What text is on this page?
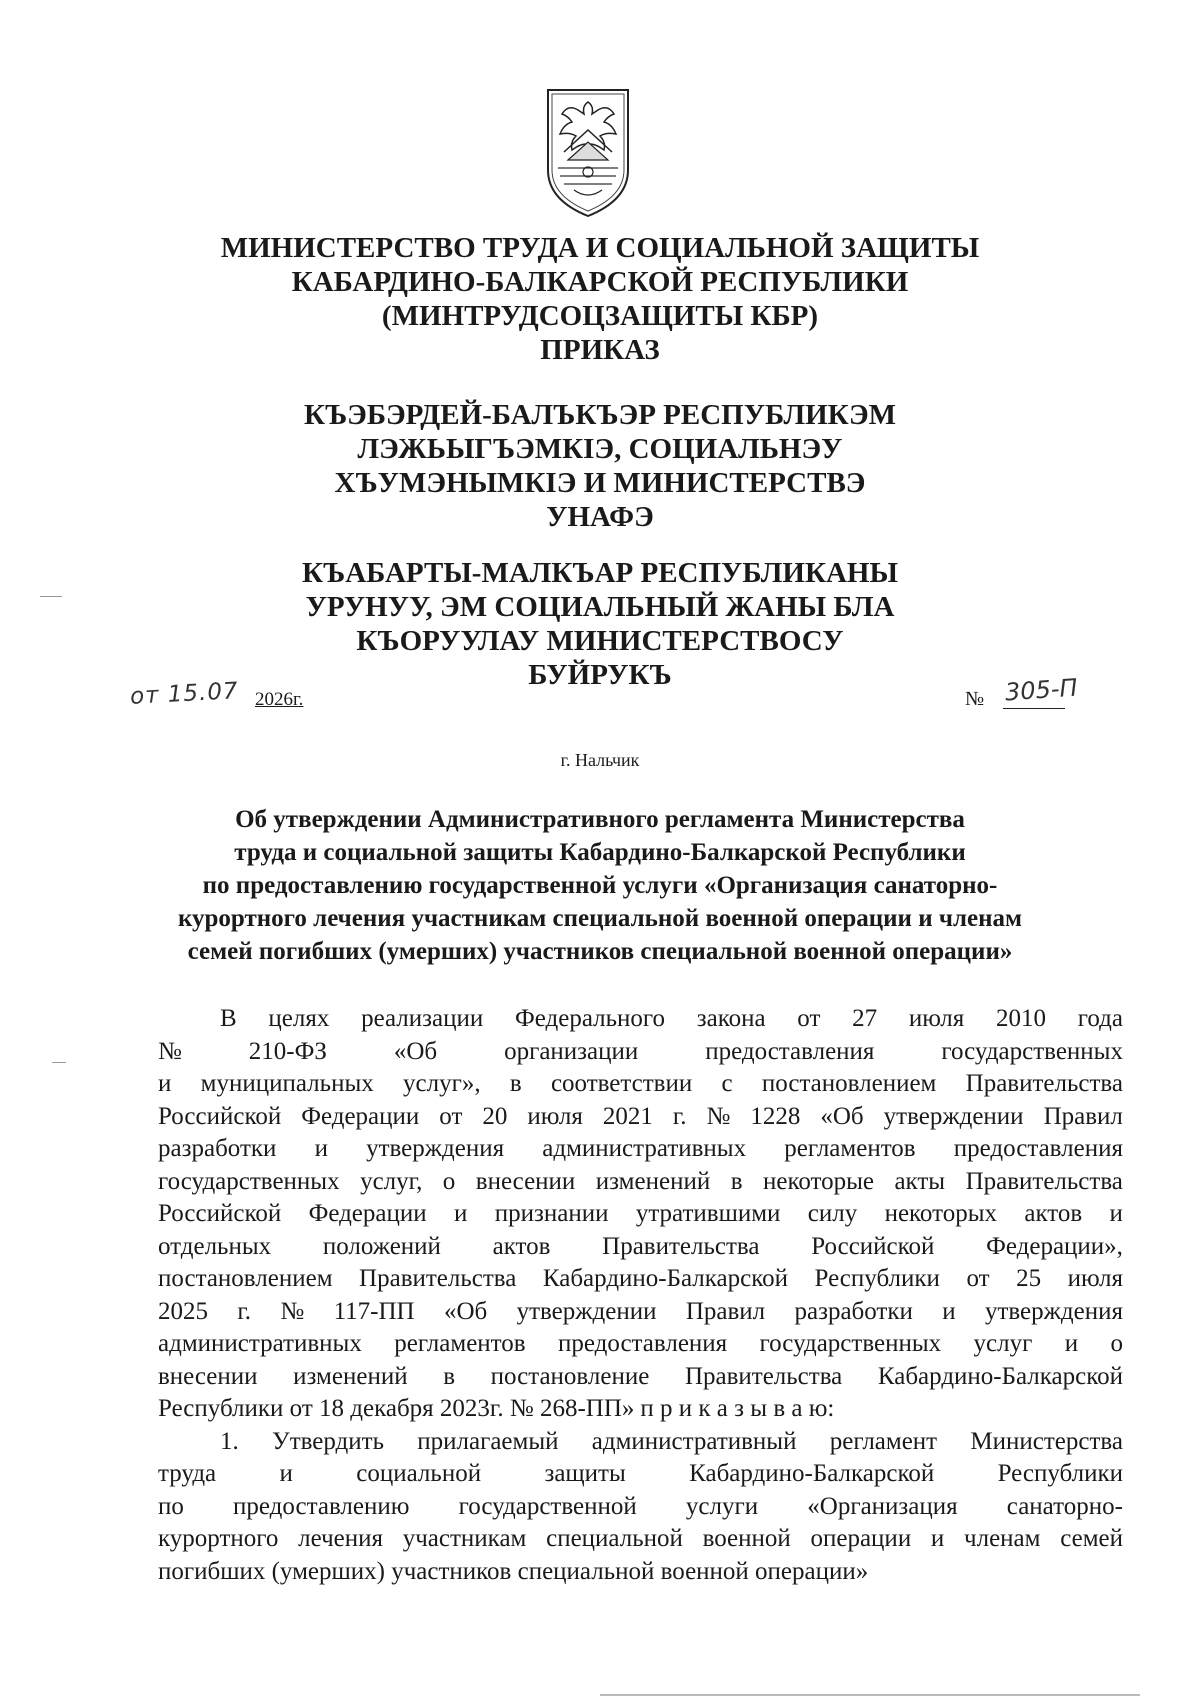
МИНИСТЕРСТВО ТРУДА И СОЦИАЛЬНОЙ ЗАЩИТЫ
КАБАРДИНО-БАЛКАРСКОЙ РЕСПУБЛИКИ
(МИНТРУДСОЦЗАЩИТЫ КБР)
ПРИКАЗ
КЪЭБЭРДЕЙ-БАЛЪКЪЭР РЕСПУБЛИКЭМ
ЛЭЖЬЫГЪЭМКIЭ, СОЦИАЛЬНЭУ
ХЪУМЭНЫМКIЭ И МИНИСТЕРСТВЭ
УНАФЭ
КЪАБАРТЫ-МАЛКЪАР РЕСПУБЛИКАНЫ
УРУНУУ, ЭМ СОЦИАЛЬНЫЙ ЖАНЫ БЛА
КЪОРУУЛАУ МИНИСТЕРСТВОСУ
БУЙРУКЪ
от 15.07 2026г.	№ 305-П
г. Нальчик
Об утверждении Административного регламента Министерства
труда и социальной защиты Кабардино-Балкарской Республики
по предоставлению государственной услуги «Организация санаторно-
курортного лечения участникам специальной военной операции и членам
семей погибших (умерших) участников специальной военной операции»
В целях реализации Федерального закона от 27 июля 2010 года
№	210-ФЗ	«Об	организации	предоставления	государственных
и муниципальных услуг», в соответствии с постановлением Правительства
Российской Федерации от 20 июля 2021 г. № 1228 «Об утверждении Правил
разработки и утверждения административных регламентов предоставления
государственных услуг, о внесении изменений в некоторые акты Правительства
Российской Федерации и признании утратившими силу некоторых актов и
отдельных положений актов Правительства Российской Федерации»,
постановлением Правительства Кабардино-Балкарской Республики от 25 июля
2025 г. № 117-ПП «Об утверждении Правил разработки и утверждения
административных регламентов предоставления государственных услуг и о
внесении изменений в постановление Правительства Кабардино-Балкарской
Республики от 18 декабря 2023г. № 268-ПП» п р и к а з ы в а ю:
1. Утвердить прилагаемый административный регламент Министерства
труда	и	социальной	защиты	Кабардино-Балкарской	Республики
по предоставлению государственной услуги «Организация санаторно-
курортного лечения участникам специальной военной операции и членам семей
погибших (умерших) участников специальной военной операции»
